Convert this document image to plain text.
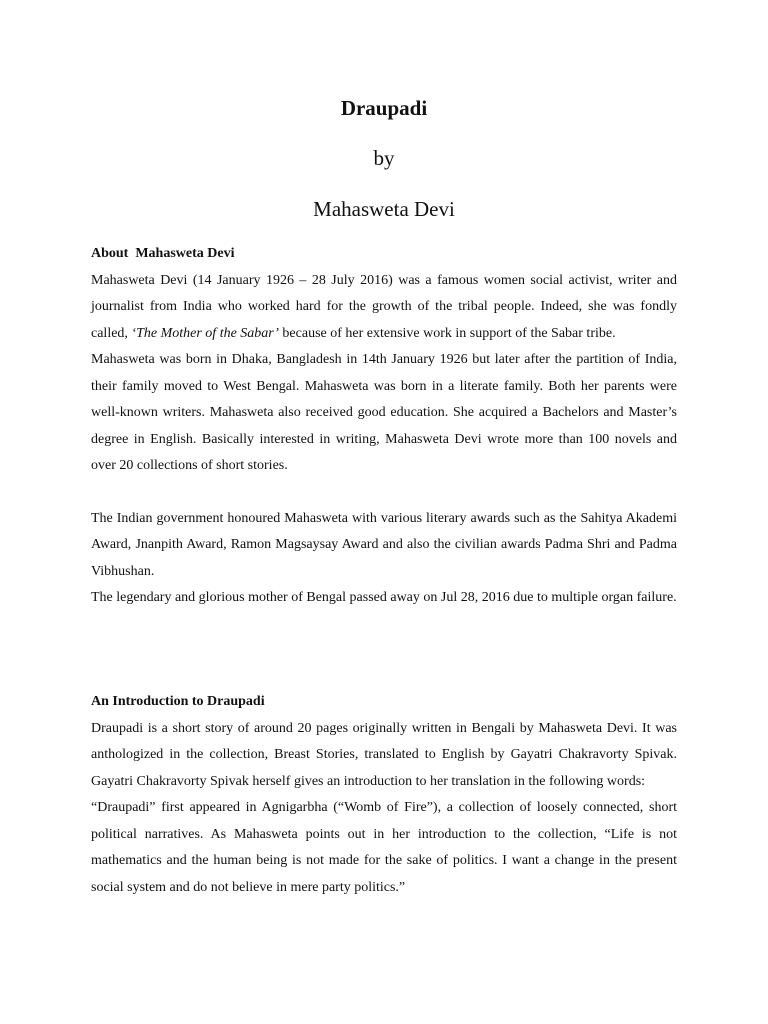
Draupadi
by
Mahasweta Devi

About  Mahasweta Devi

Mahasweta Devi (14 January 1926 – 28 July 2016) was a famous women social activist, writer and journalist from India who worked hard for the growth of the tribal people. Indeed, she was fondly called, ‘The Mother of the Sabar’ because of her extensive work in support of the Sabar tribe.

Mahasweta was born in Dhaka, Bangladesh in 14th January 1926 but later after the partition of India, their family moved to West Bengal. Mahasweta was born in a literate family. Both her parents were well-known writers. Mahasweta also received good education. She acquired a Bachelors and Master’s degree in English. Basically interested in writing, Mahasweta Devi wrote more than 100 novels and over 20 collections of short stories.

The Indian government honoured Mahasweta with various literary awards such as the Sahitya Akademi Award, Jnanpith Award, Ramon Magsaysay Award and also the civilian awards Padma Shri and Padma Vibhushan.

The legendary and glorious mother of Bengal passed away on Jul 28, 2016 due to multiple organ failure.

An Introduction to Draupadi

Draupadi is a short story of around 20 pages originally written in Bengali by Mahasweta Devi. It was anthologized in the collection, Breast Stories, translated to English by Gayatri Chakravorty Spivak. Gayatri Chakravorty Spivak herself gives an introduction to her translation in the following words:

“Draupadi” first appeared in Agnigarbha (“Womb of Fire”), a collection of loosely connected, short political narratives. As Mahasweta points out in her introduction to the collection, “Life is not mathematics and the human being is not made for the sake of politics. I want a change in the present social system and do not believe in mere party politics.”
